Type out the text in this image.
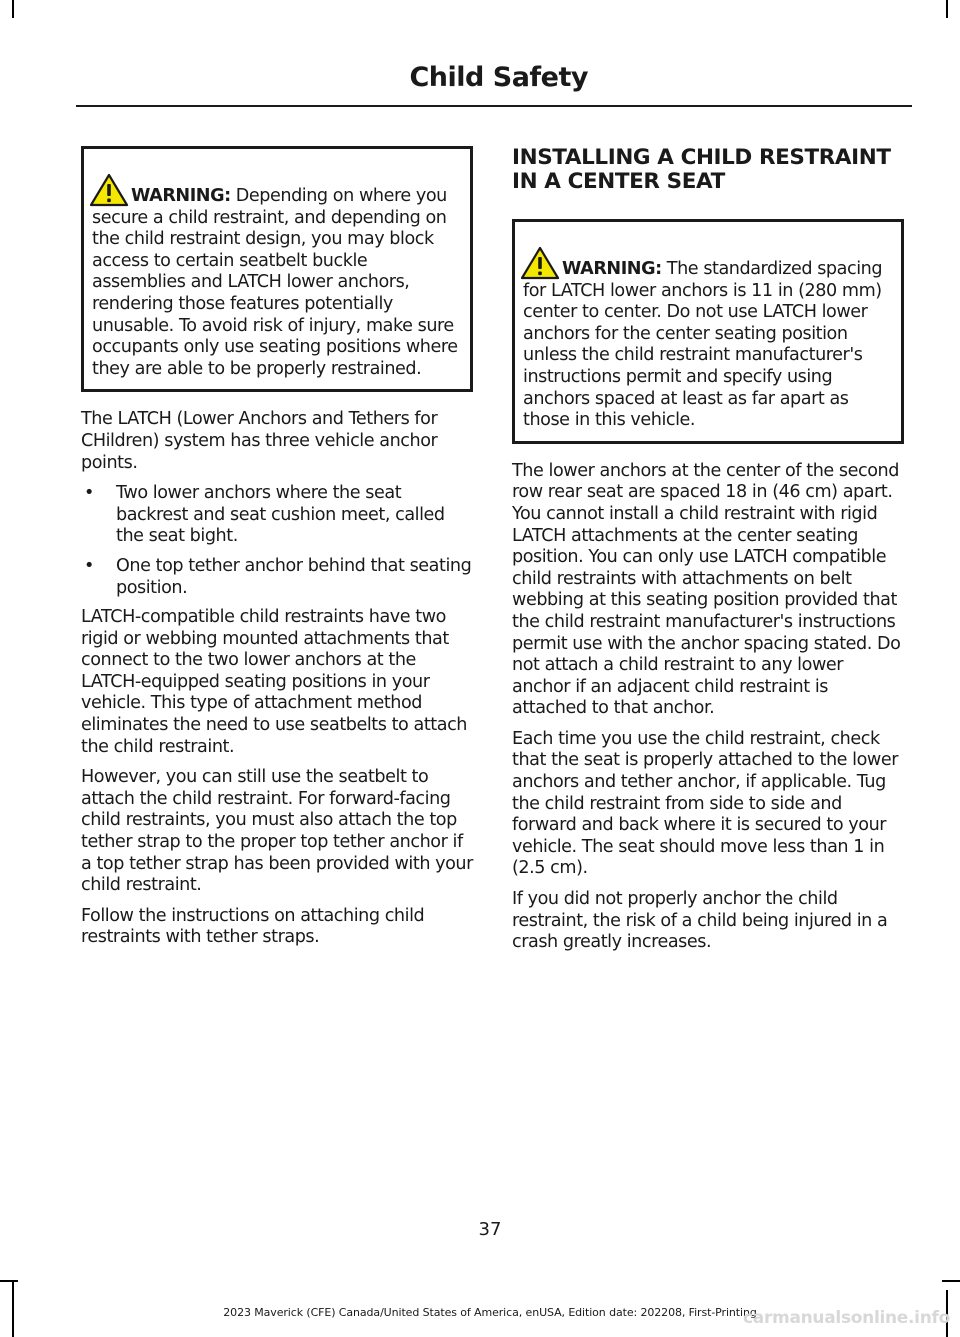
Child Safety

WARNING: Depending on where you secure a child restraint, and depending on the child restraint design, you may block access to certain seatbelt buckle assemblies and LATCH lower anchors, rendering those features potentially unusable. To avoid risk of injury, make sure occupants only use seating positions where they are able to be properly restrained.

The LATCH (Lower Anchors and Tethers for CHildren) system has three vehicle anchor points.

• Two lower anchors where the seat backrest and seat cushion meet, called the seat bight.
• One top tether anchor behind that seating position.

LATCH-compatible child restraints have two rigid or webbing mounted attachments that connect to the two lower anchors at the LATCH-equipped seating positions in your vehicle. This type of attachment method eliminates the need to use seatbelts to attach the child restraint.

However, you can still use the seatbelt to attach the child restraint. For forward-facing child restraints, you must also attach the top tether strap to the proper top tether anchor if a top tether strap has been provided with your child restraint.

Follow the instructions on attaching child restraints with tether straps.

INSTALLING A CHILD RESTRAINT IN A CENTER SEAT

WARNING: The standardized spacing for LATCH lower anchors is 11 in (280 mm) center to center. Do not use LATCH lower anchors for the center seating position unless the child restraint manufacturer's instructions permit and specify using anchors spaced at least as far apart as those in this vehicle.

The lower anchors at the center of the second row rear seat are spaced 18 in (46 cm) apart. You cannot install a child restraint with rigid LATCH attachments at the center seating position. You can only use LATCH compatible child restraints with attachments on belt webbing at this seating position provided that the child restraint manufacturer's instructions permit use with the anchor spacing stated. Do not attach a child restraint to any lower anchor if an adjacent child restraint is attached to that anchor.

Each time you use the child restraint, check that the seat is properly attached to the lower anchors and tether anchor, if applicable. Tug the child restraint from side to side and forward and back where it is secured to your vehicle. The seat should move less than 1 in (2.5 cm).

If you did not properly anchor the child restraint, the risk of a child being injured in a crash greatly increases.

37
2023 Maverick (CFE) Canada/United States of America, enUSA, Edition date: 202208, First-Printing
carmanualsonline.info
